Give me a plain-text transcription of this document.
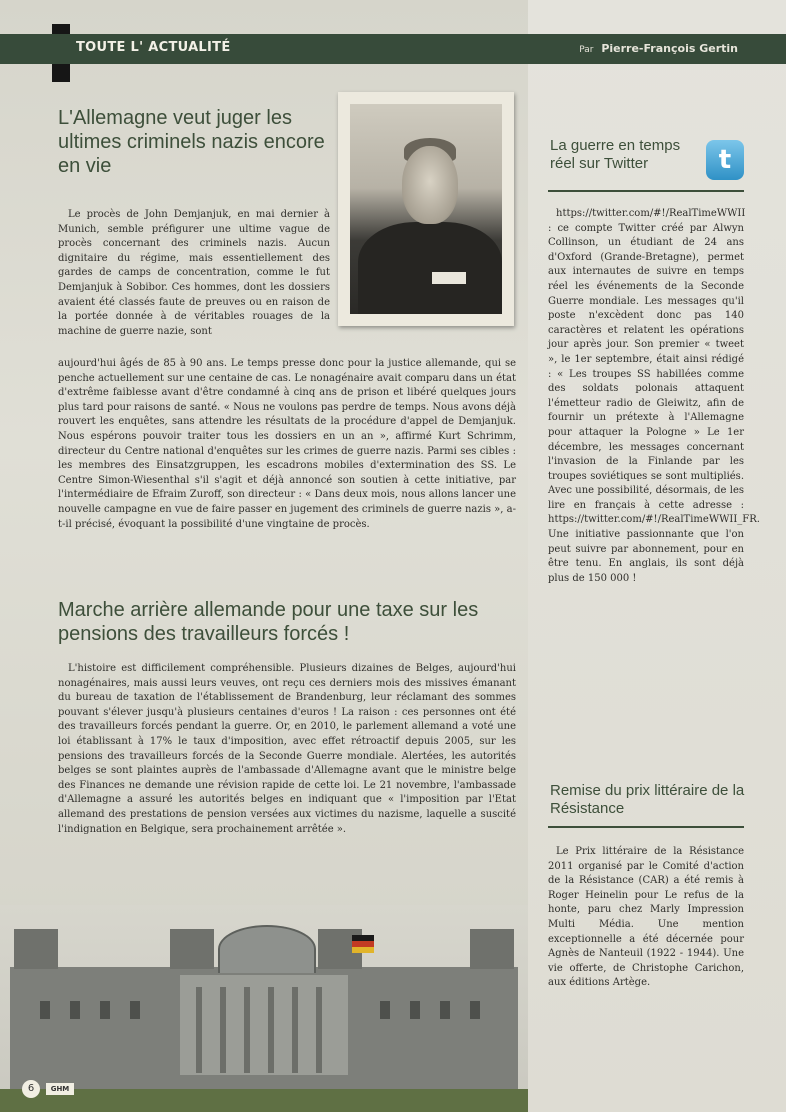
TOUTE L' ACTUALITÉ	Par Pierre-François Gertin
L'Allemagne veut juger les ultimes criminels nazis encore en vie

Le procès de John Demjanjuk, en mai dernier à Munich, semble préfigurer une ultime vague de procès concernant des criminels nazis. Aucun dignitaire du régime, mais essentiellement des gardes de camps de concentration, comme le fut Demjanjuk à Sobibor. Ces hommes, dont les dossiers avaient été classés faute de preuves ou en raison de la portée donnée à de véritables rouages de la machine de guerre nazie, sont

aujourd'hui âgés de 85 à 90 ans. Le temps presse donc pour la justice allemande, qui se penche actuellement sur une centaine de cas. Le nonagénaire avait comparu dans un état d'extrême faiblesse avant d'être condamné à cinq ans de prison et libéré quelques jours plus tard pour raisons de santé. « Nous ne voulons pas perdre de temps. Nous avons déjà rouvert les enquêtes, sans attendre les résultats de la procédure d'appel de Demjanjuk. Nous espérons pouvoir traiter tous les dossiers en un an », affirmé Kurt Schrimm, directeur du Centre national d'enquêtes sur les crimes de guerre nazis. Parmi ses cibles : les membres des Einsatzgruppen, les escadrons mobiles d'extermination des SS. Le Centre Simon-Wiesenthal s'il s'agit et déjà annoncé son soutien à cette initiative, par l'intermédiaire de Efraim Zuroff, son directeur : « Dans deux mois, nous allons lancer une nouvelle campagne en vue de faire passer en jugement des criminels de guerre nazis », a-t-il précisé, évoquant la possibilité d'une vingtaine de procès.

Marche arrière allemande pour une taxe sur les pensions des travailleurs forcés !

L'histoire est difficilement compréhensible. Plusieurs dizaines de Belges, aujourd'hui nonagénaires, mais aussi leurs veuves, ont reçu ces derniers mois des missives émanant du bureau de taxation de l'établissement de Brandenburg, leur réclamant des sommes pouvant s'élever jusqu'à plusieurs centaines d'euros ! La raison : ces personnes ont été des travailleurs forcés pendant la guerre. Or, en 2010, le parlement allemand a voté une loi établissant à 17% le taux d'imposition, avec effet rétroactif depuis 2005, sur les pensions des travailleurs forcés de la Seconde Guerre mondiale. Alertées, les autorités belges se sont plaintes auprès de l'ambassade d'Allemagne avant que le ministre belge des Finances ne demande une révision rapide de cette loi. Le 21 novembre, l'ambassade d'Allemagne a assuré les autorités belges en indiquant que « l'imposition par l'Etat allemand des prestations de pension versées aux victimes du nazisme, laquelle a suscité l'indignation en Belgique, sera prochainement arrêtée ».

6	GHM
La guerre en temps réel sur Twitter	t

https://twitter.com/#!/RealTimeWWII : ce compte Twitter créé par Alwyn Collinson, un étudiant de 24 ans d'Oxford (Grande-Bretagne), permet aux internautes de suivre en temps réel les événements de la Seconde Guerre mondiale. Les messages qu'il poste n'excèdent donc pas 140 caractères et relatent les opérations jour après jour. Son premier « tweet », le 1er septembre, était ainsi rédigé : « Les troupes SS habillées comme des soldats polonais attaquent l'émetteur radio de Gleiwitz, afin de fournir un prétexte à l'Allemagne pour attaquer la Pologne » Le 1er décembre, les messages concernant l'invasion de la Finlande par les troupes soviétiques se sont multipliés. Avec une possibilité, désormais, de les lire en français à cette adresse : https://twitter.com/#!/RealTimeWWII_FR. Une initiative passionnante que l'on peut suivre par abonnement, pour en être tenu. En anglais, ils sont déjà plus de 150 000 !

Remise du prix littéraire de la Résistance

Le Prix littéraire de la Résistance 2011 organisé par le Comité d'action de la Résistance (CAR) a été remis à Roger Heinelin pour Le refus de la honte, paru chez Marly Impression Multi Média. Une mention exceptionnelle a été décernée pour Agnès de Nanteuil (1922 - 1944). Une vie offerte, de Christophe Carichon, aux éditions Artège.
